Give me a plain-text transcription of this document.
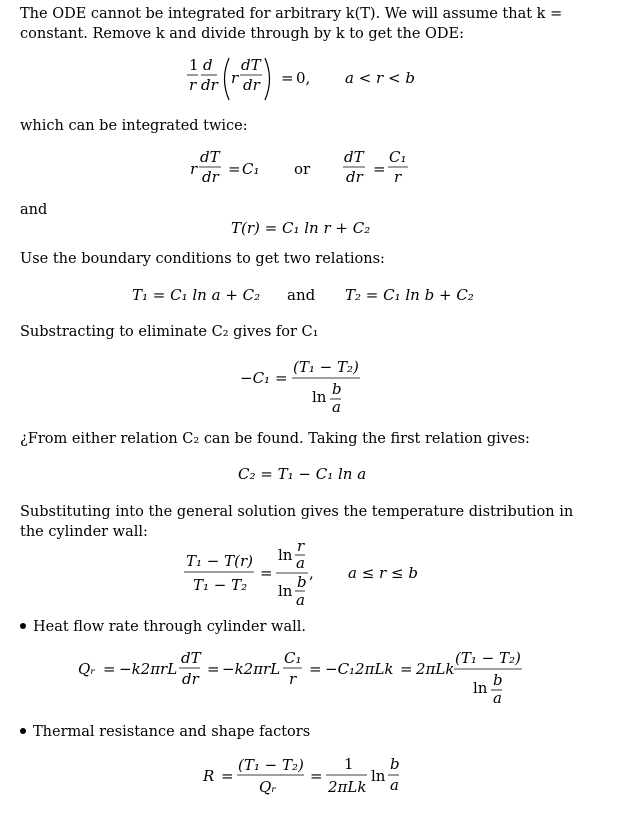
The ODE cannot be integrated for arbitrary k(T). We will assume that k = constant. Remove k and divide through by k to get the ODE:
1
r
d
dr r
dT
dr = 0, a < r < b
which can be integrated twice:
r
dT
dr = C₁ or
dT
dr =
C₁
r
and
T(r) = C₁ ln r + C₂
Use the boundary conditions to get two relations:
T₁ = C₁ ln a + C₂ and T₂ = C₁ ln b + C₂
Substracting to eliminate C₂ gives for C₁
−C₁ =
(T₁ − T₂)
ln b
a
¿From either relation C₂ can be found. Taking the first relation gives:
C₂ = T₁ − C₁ ln a
Substituting into the general solution gives the temperature distribution in the cylinder wall:
T₁ − T(r)
T₁ − T₂
=
ln r
a
ln b
a
, a ≤ r ≤ b
Heat flow rate through cylinder wall.
Qᵣ = −k2πrL
dT
dr
= −k2πrL
C₁
r
= −C₁2πLk = 2πLk
(T₁ − T₂)
ln b
a
Thermal resistance and shape factors
R =
(T₁ − T₂)
Qᵣ
=
1
2πLk
ln
b
a
